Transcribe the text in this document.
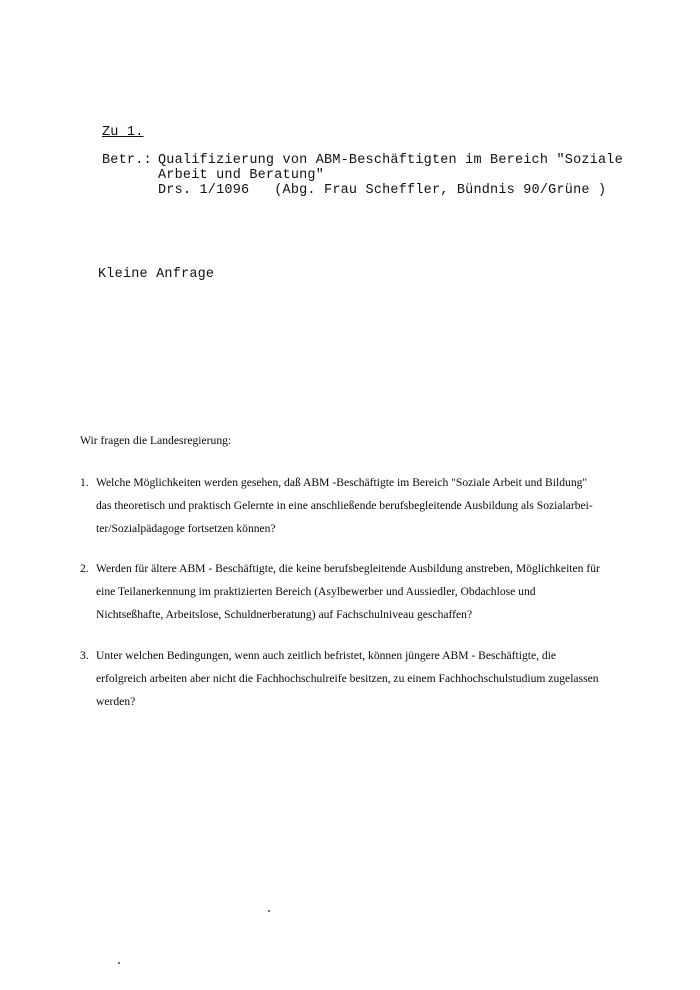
Zu 1.
Betr.: Qualifizierung von ABM-Beschäftigten im Bereich "Soziale
Arbeit und Beratung"
Drs. 1/1096   (Abg. Frau Scheffler, Bündnis 90/Grüne )
Kleine Anfrage
Wir fragen die Landesregierung:
1. Welche Möglichkeiten werden gesehen, daß ABM -Beschäftigte im Bereich "Soziale Arbeit und Bildung"
das theoretisch und praktisch Gelernte in eine anschließende berufsbegleitende Ausbildung als Sozialarbei-
ter/Sozialpädagoge fortsetzen können?
2. Werden für ältere ABM - Beschäftigte, die keine berufsbegleitende Ausbildung anstreben, Möglichkeiten für
eine Teilanerkennung im praktizierten Bereich (Asylbewerber und Aussiedler, Obdachlose und
Nichtseßhafte, Arbeitslose, Schuldnerberatung) auf Fachschulniveau geschaffen?
3. Unter welchen Bedingungen, wenn auch zeitlich befristet, können jüngere ABM - Beschäftigte, die
erfolgreich arbeiten aber nicht die Fachhochschulreife besitzen, zu einem Fachhochschulstudium zugelassen
werden?
